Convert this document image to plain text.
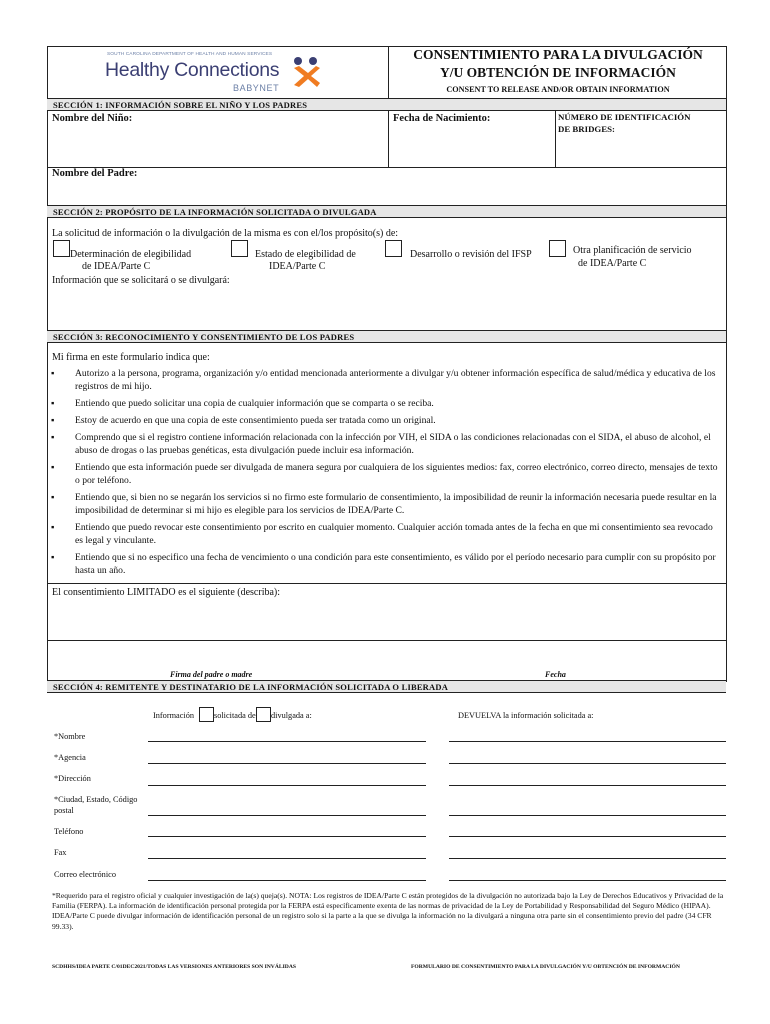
SOUTH CAROLINA DEPARTMENT OF HEALTH AND HUMAN SERVICES
Healthy Connections
BABYNET
CONSENTIMIENTO PARA LA DIVULGACIÓN
Y/U OBTENCIÓN DE INFORMACIÓN
CONSENT TO RELEASE AND/OR OBTAIN INFORMATION
SECCIÓN 1: INFORMACIÓN SOBRE EL NIÑO Y LOS PADRES
Nombre del Niño:	Fecha de Nacimiento:	NÚMERO DE IDENTIFICACIÓN
DE BRIDGES:
Nombre del Padre:
SECCIÓN 2: PROPÓSITO DE LA INFORMACIÓN SOLICITADA O DIVULGADA
La solicitud de información o la divulgación de la misma es con el/los propósito(s) de:
Determinación de elegibilidad
de IDEA/Parte C
Estado de elegibilidad de
IDEA/Parte C
Desarrollo o revisión del IFSP	Otra planificación de servicio
de IDEA/Parte C
Información que se solicitará o se divulgará:
SECCIÓN 3: RECONOCIMIENTO Y CONSENTIMIENTO DE LOS PADRES
Mi firma en este formulario indica que:
▪ Autorizo a la persona, programa, organización y/o entidad mencionada anteriormente a divulgar y/u obtener información específica de salud/médica y educativa de los registros de mi hijo.
▪ Entiendo que puedo solicitar una copia de cualquier información que se comparta o se reciba.
▪ Estoy de acuerdo en que una copia de este consentimiento pueda ser tratada como un original.
▪ Comprendo que si el registro contiene información relacionada con la infección por VIH, el SIDA o las condiciones relacionadas con el SIDA, el abuso de alcohol, el abuso de drogas o las pruebas genéticas, esta divulgación puede incluir esa información.
▪ Entiendo que esta información puede ser divulgada de manera segura por cualquiera de los siguientes medios: fax, correo electrónico, correo directo, mensajes de texto o por teléfono.
▪ Entiendo que, si bien no se negarán los servicios si no firmo este formulario de consentimiento, la imposibilidad de reunir la información necesaria puede resultar en la imposibilidad de determinar si mi hijo es elegible para los servicios de IDEA/Parte C.
▪ Entiendo que puedo revocar este consentimiento por escrito en cualquier momento. Cualquier acción tomada antes de la fecha en que mi consentimiento sea revocado es legal y vinculante.
▪ Entiendo que si no especifico una fecha de vencimiento o una condición para este consentimiento, es válido por el período necesario para cumplir con su propósito por hasta un año.
El consentimiento LIMITADO es el siguiente (describa):
Firma del padre o madre	Fecha
SECCIÓN 4: REMITENTE Y DESTINATARIO DE LA INFORMACIÓN SOLICITADA O LIBERADA
Información solicitada de divulgada a:	DEVUELVA la información solicitada a:
*Nombre
*Agencia
*Dirección
*Ciudad, Estado, Código postal
Teléfono
Fax
Correo electrónico
*Requerido para el registro oficial y cualquier investigación de la(s) queja(s). NOTA: Los registros de IDEA/Parte C están protegidos de la divulgación no autorizada bajo la Ley de Derechos Educativos y Privacidad de la Familia (FERPA). La información de identificación personal protegida por la FERPA está específicamente exenta de las normas de privacidad de la Ley de Portabilidad y Responsabilidad del Seguro Médico (HIPAA). IDEA/Parte C puede divulgar información de identificación personal de un registro solo si la parte a la que se divulga la información no la divulgará a ninguna otra parte sin el consentimiento previo del padre (34 CFR 99.33).
SCDHHS/IDEA PARTE C/01DEC2021/TODAS LAS VERSIONES ANTERIORES SON INVÁLIDAS	FORMULARIO DE CONSENTIMIENTO PARA LA DIVULGACIÓN Y/U OBTENCIÓN DE INFORMACIÓN
